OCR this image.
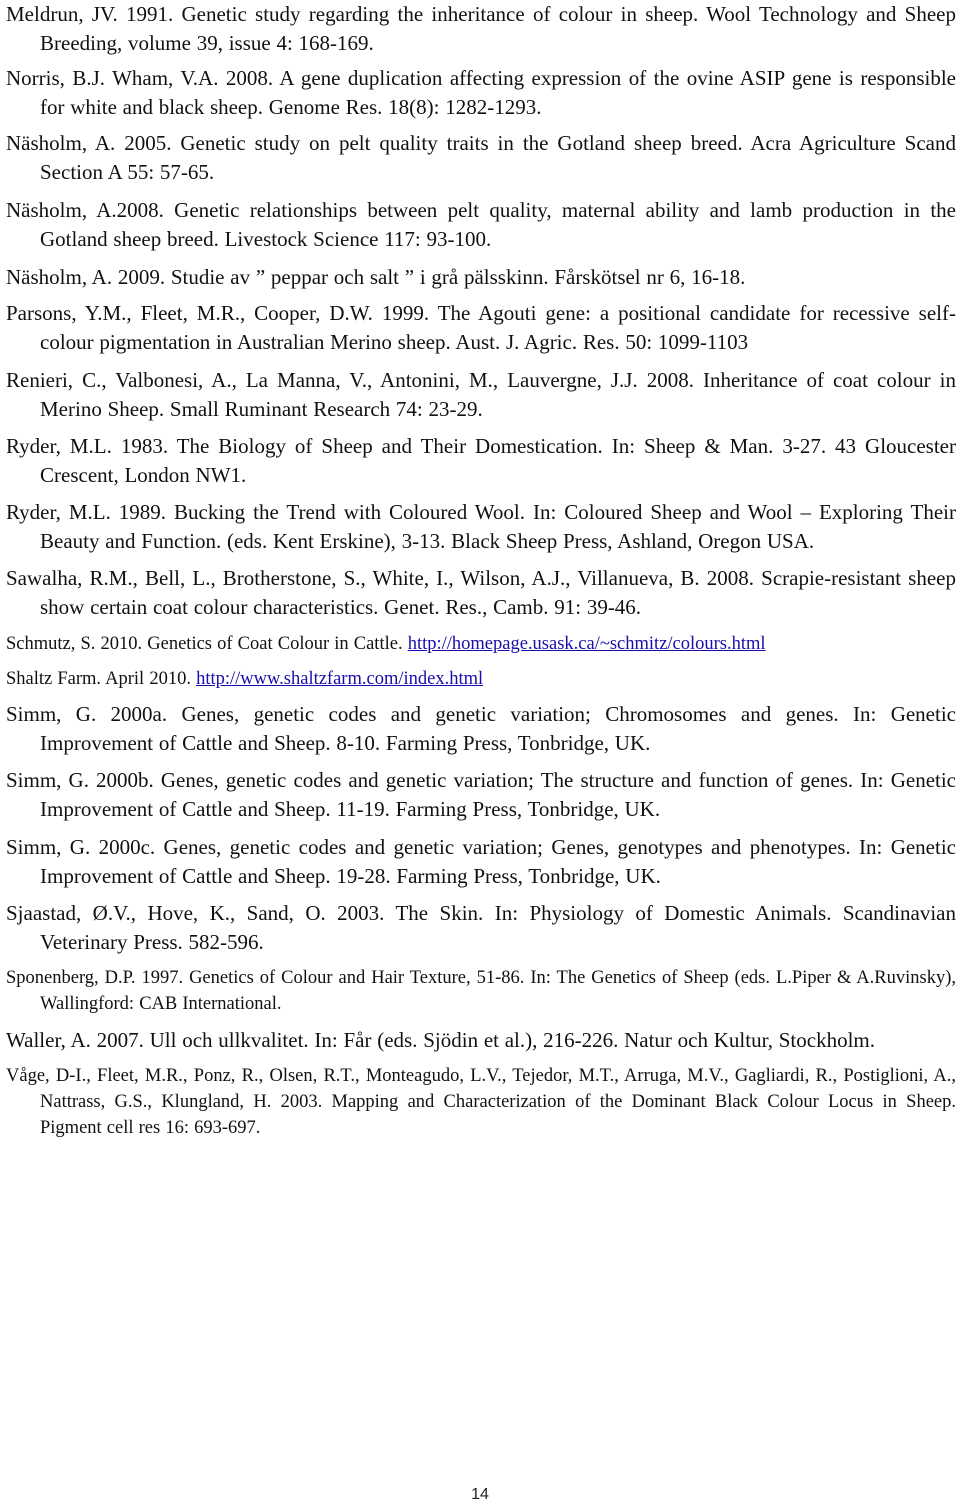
Meldrun, JV. 1991. Genetic study regarding the inheritance of colour in sheep. Wool Technology and Sheep Breeding, volume 39, issue 4: 168-169.

Norris, B.J. Wham, V.A. 2008. A gene duplication affecting expression of the ovine ASIP gene is responsible for white and black sheep. Genome Res. 18(8): 1282-1293.

Näsholm, A. 2005. Genetic study on pelt quality traits in the Gotland sheep breed. Acra Agriculture Scand Section A 55: 57-65.

Näsholm, A.2008. Genetic relationships between pelt quality, maternal ability and lamb production in the Gotland sheep breed. Livestock Science 117: 93-100.

Näsholm, A. 2009. Studie av ” peppar och salt ” i grå pälsskinn. Fårskötsel nr 6, 16-18.

Parsons, Y.M., Fleet, M.R., Cooper, D.W. 1999. The Agouti gene: a positional candidate for recessive self-colour pigmentation in Australian Merino sheep. Aust. J. Agric. Res. 50: 1099-1103

Renieri, C., Valbonesi, A., La Manna, V., Antonini, M., Lauvergne, J.J. 2008. Inheritance of coat colour in Merino Sheep. Small Ruminant Research 74: 23-29.

Ryder, M.L. 1983. The Biology of Sheep and Their Domestication. In: Sheep & Man. 3-27. 43 Gloucester Crescent, London NW1.

Ryder, M.L. 1989. Bucking the Trend with Coloured Wool. In: Coloured Sheep and Wool – Exploring Their Beauty and Function. (eds. Kent Erskine), 3-13. Black Sheep Press, Ashland, Oregon USA.

Sawalha, R.M., Bell, L., Brotherstone, S., White, I., Wilson, A.J., Villanueva, B. 2008. Scrapie-resistant sheep show certain coat colour characteristics. Genet. Res., Camb. 91: 39-46.

Schmutz, S. 2010. Genetics of Coat Colour in Cattle. http://homepage.usask.ca/~schmitz/colours.html

Shaltz Farm. April 2010. http://www.shaltzfarm.com/index.html

Simm, G. 2000a. Genes, genetic codes and genetic variation; Chromosomes and genes. In: Genetic Improvement of Cattle and Sheep. 8-10. Farming Press, Tonbridge, UK.

Simm, G. 2000b. Genes, genetic codes and genetic variation; The structure and function of genes. In: Genetic Improvement of Cattle and Sheep. 11-19. Farming Press, Tonbridge, UK.

Simm, G. 2000c. Genes, genetic codes and genetic variation; Genes, genotypes and phenotypes. In: Genetic Improvement of Cattle and Sheep. 19-28. Farming Press, Tonbridge, UK.

Sjaastad, Ø.V., Hove, K., Sand, O. 2003. The Skin. In: Physiology of Domestic Animals. Scandinavian Veterinary Press. 582-596.

Sponenberg, D.P. 1997. Genetics of Colour and Hair Texture, 51-86. In: The Genetics of Sheep (eds. L.Piper & A.Ruvinsky), Wallingford: CAB International.

Waller, A. 2007. Ull och ullkvalitet. In: Får (eds. Sjödin et al.), 216-226. Natur och Kultur, Stockholm.

Våge, D-I., Fleet, M.R., Ponz, R., Olsen, R.T., Monteagudo, L.V., Tejedor, M.T., Arruga, M.V., Gagliardi, R., Postiglioni, A., Nattrass, G.S., Klungland, H. 2003. Mapping and Characterization of the Dominant Black Colour Locus in Sheep. Pigment cell res 16: 693-697.

14
